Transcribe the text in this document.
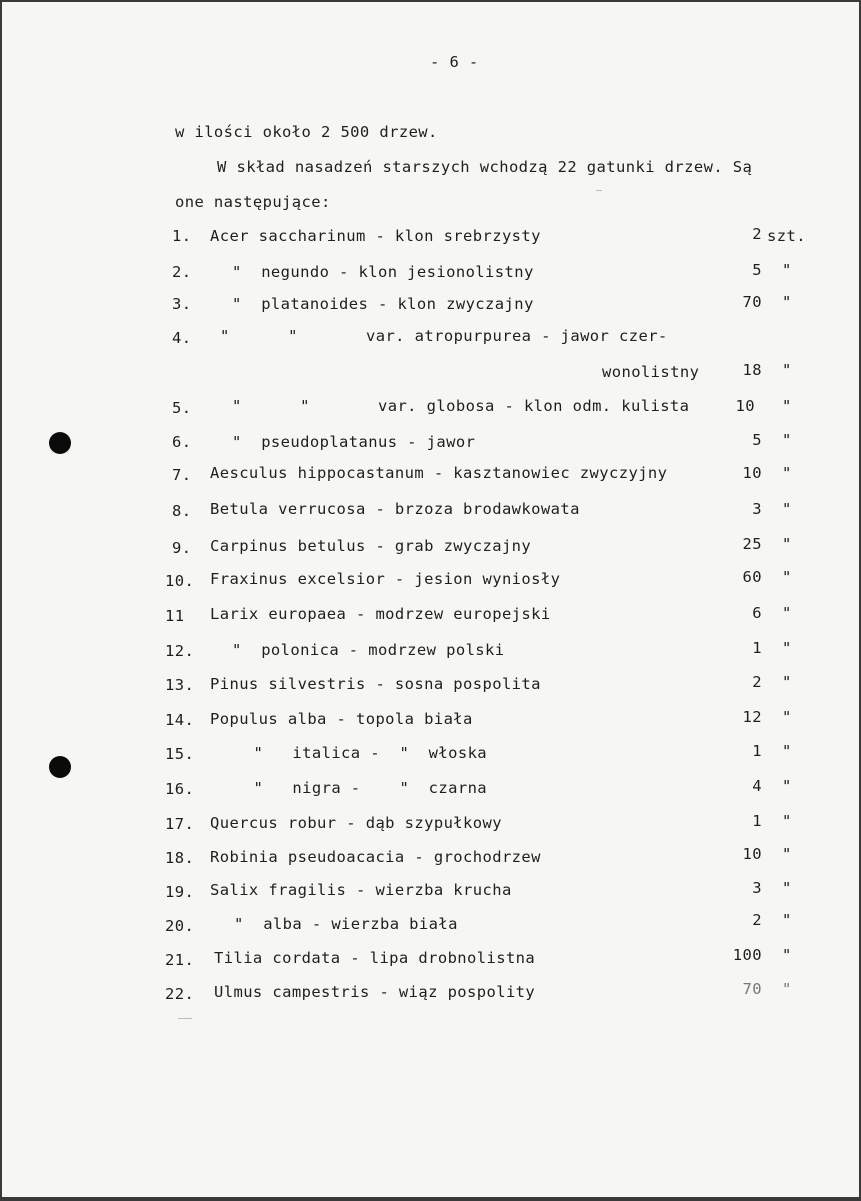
- 6 -
w ilości około 2 500 drzew.
W skład nasadzeń starszych wchodzą 22 gatunki drzew. Są
one następujące:
1. Acer saccharinum - klon srebrzysty	2 szt.
2.	"  negundo - klon jesionolistny	5 "
3.	"  platanoides - klon zwyczajny	70 "
4. "      "       var. atropurpurea - jawor czer-
wonolistny	18 "
5.	"      "       var. globosa - klon odm. kulista	10 "
6.	"  pseudoplatanus - jawor	5 "
7. Aesculus hippocastanum - kasztanowiec zwyczyjny	10 "
8. Betula verrucosa - brzoza brodawkowata	3 "
9. Carpinus betulus - grab zwyczajny	25 "
10. Fraxinus excelsior - jesion wyniosły	60 "
11 Larix europaea - modrzew europejski	6 "
12. "  polonica - modrzew polski	1 "
13. Pinus silvestris - sosna pospolita	2 "
14. Populus alba - topola biała	12 "
15.	"   italica -  "  włoska	1 "
16.	"   nigra -    "  czarna	4 "
17. Quercus robur - dąb szypułkowy	1 "
18. Robinia pseudoacacia - grochodrzew	10 "
19. Salix fragilis - wierzba krucha	3 "
20.	"  alba - wierzba biała	2 "
21. Tilia cordata - lipa drobnolistna	100 "
22. Ulmus campestris - wiąz pospolity	70 "
